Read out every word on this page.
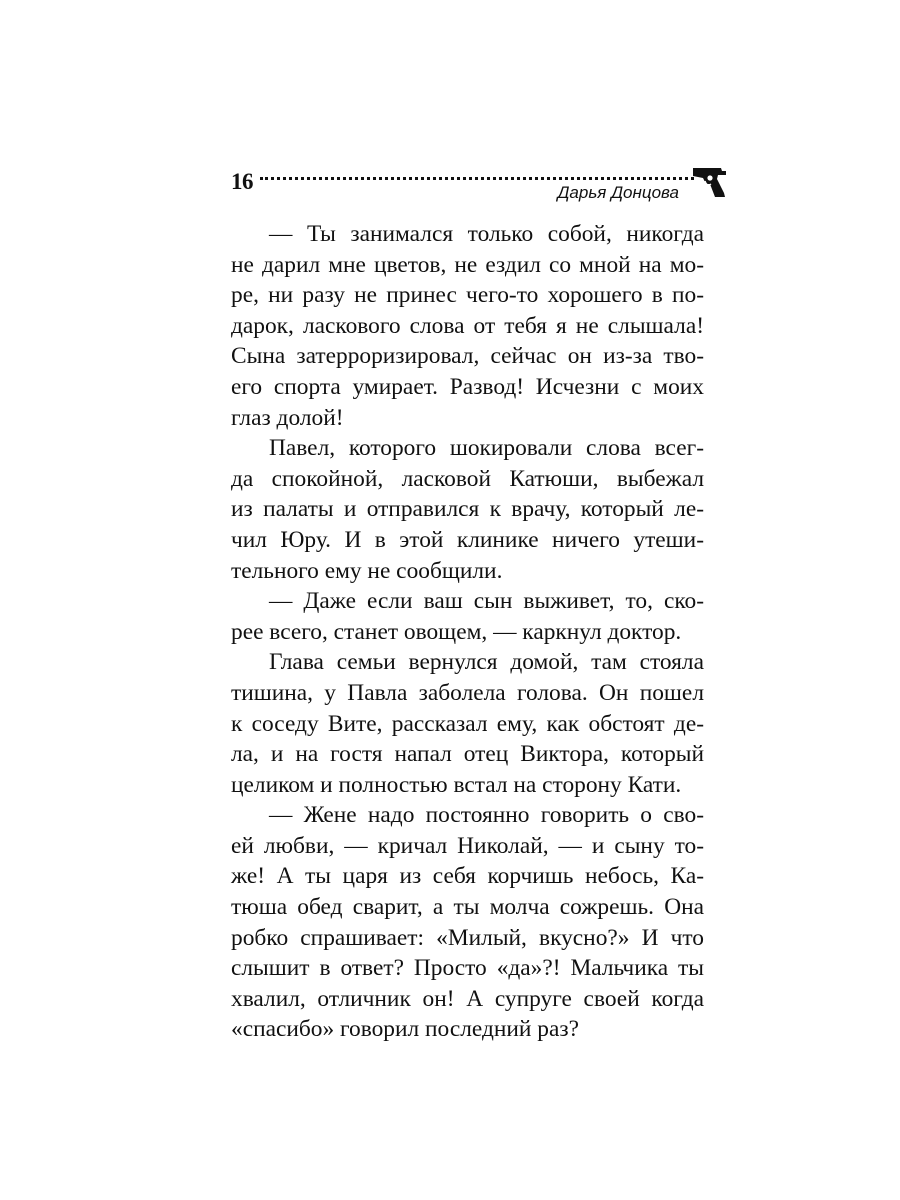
16	Дарья Донцова
— Ты занимался только собой, никогда
не дарил мне цветов, не ездил со мной на мо-
ре, ни разу не принес чего-то хорошего в по-
дарок, ласкового слова от тебя я не слышала!
Сына затерроризировал, сейчас он из-за тво-
его спорта умирает. Развод! Исчезни с моих
глаз долой!
Павел, которого шокировали слова всег-
да спокойной, ласковой Катюши, выбежал
из палаты и отправился к врачу, который ле-
чил Юру. И в этой клинике ничего утеши-
тельного ему не сообщили.
— Даже если ваш сын выживет, то, ско-
рее всего, станет овощем, — каркнул доктор.
Глава семьи вернулся домой, там стояла
тишина, у Павла заболела голова. Он пошел
к соседу Вите, рассказал ему, как обстоят де-
ла, и на гостя напал отец Виктора, который
целиком и полностью встал на сторону Кати.
— Жене надо постоянно говорить о сво-
ей любви, — кричал Николай, — и сыну то-
же! А ты царя из себя корчишь небось, Ка-
тюша обед сварит, а ты молча сожрешь. Она
робко спрашивает: «Милый, вкусно?» И что
слышит в ответ? Просто «да»?! Мальчика ты
хвалил, отличник он! А супруге своей когда
«спасибо» говорил последний раз?
